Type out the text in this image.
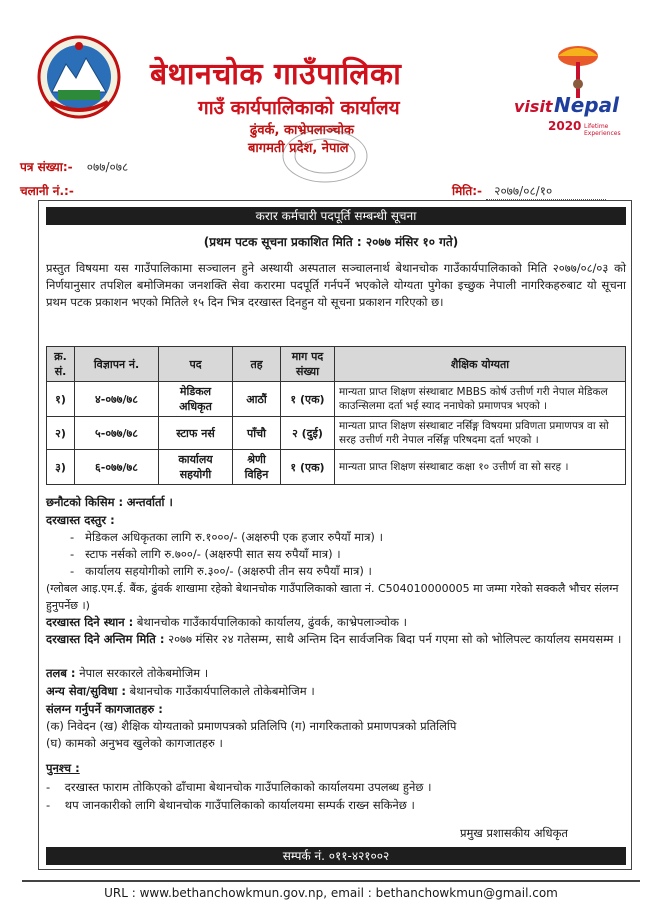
बेथानचोक गाउँपालिका
गाउँ कार्यपालिकाको कार्यालय
ढुंवर्क, काभ्रेपलाञ्चोक
बागमती प्रदेश, नेपाल
visit Nepal
2020 Lifetime
Experiences
पत्र संख्या:- ०७७/०७८
चलानी नं.:-	मिति:- २०७७/०८/१०
करार कर्मचारी पदपूर्ति सम्बन्धी सूचना
(प्रथम पटक सूचना प्रकाशित मिति : २०७७ मंसिर १० गते)
प्रस्तुत विषयमा यस गाउँपालिकामा सञ्चालन हुने अस्थायी अस्पताल सञ्चालनार्थ बेथानचोक गाउँकार्यपालिकाको मिति २०७७/०८/०३ को निर्णयानुसार तपशिल बमोजिमका जनशक्ति सेवा करारमा पदपूर्ति गर्नपर्ने भएकोले योग्यता पुगेका इच्छुक नेपाली नागरिकहरुबाट यो सूचना प्रथम पटक प्रकाशन भएको मितिले १५ दिन भित्र दरखास्त दिनहुन यो सूचना प्रकाशन गरिएको छ।
क्र. सं.	विज्ञापन नं.	पद	तह	माग पद संख्या	शैक्षिक योग्यता
१)	४-०७७/७८	मेडिकल अधिकृत	आठौं	१ (एक)	मान्यता प्राप्त शिक्षण संस्थाबाट MBBS कोर्ष उत्तीर्ण गरी नेपाल मेडिकल काउन्सिलमा दर्ता भई स्याद ननाघेको प्रमाणपत्र भएको ।
२)	५-०७७/७८	स्टाफ नर्स	पाँचौ	२ (दुई)	मान्यता प्राप्त शिक्षण संस्थाबाट नर्सिङ्ग विषयमा प्रविणता प्रमाणपत्र वा सो सरह उत्तीर्ण गरी नेपाल नर्सिङ्ग परिषदमा दर्ता भएको ।
३)	६-०७७/७८	कार्यालय सहयोगी	श्रेणी विहिन	१ (एक)	मान्यता प्राप्त शिक्षण संस्थाबाट कक्षा १० उत्तीर्ण वा सो सरह ।
छनौटको किसिम : अन्तर्वार्ता ।
दरखास्त दस्तुर :
-   मेडिकल अधिकृतका लागि रु.१०००/- (अक्षरुपी एक हजार रुपैयाँ मात्र) ।
-   स्टाफ नर्सको लागि रु.७००/- (अक्षरुपी सात सय रुपैयाँ मात्र) ।
-   कार्यालय सहयोगीको लागि रु.३००/- (अक्षरुपी तीन सय रुपैयाँ मात्र) ।
(ग्लोबल आइ.एम.ई. बैंक, ढुंवर्क शाखामा रहेको बेथानचोक गाउँपालिकाको खाता नं. C504010000005 मा जम्मा गरेको सक्कलै भौचर संलग्न हुनुपर्नेछ ।)
दरखास्त दिने स्थान : बेथानचोक गाउँकार्यपालिकाको कार्यालय, ढुंवर्क, काभ्रेपलाञ्चोक ।
दरखास्त दिने अन्तिम मिति : २०७७ मंसिर २४ गतेसम्म, साथै अन्तिम दिन सार्वजनिक बिदा पर्न गएमा सो को भोलिपल्ट कार्यालय समयसम्म ।
तलब : नेपाल सरकारले तोकेबमोजिम ।
अन्य सेवा/सुविधा : बेथानचोक गाउँकार्यपालिकाले तोकेबमोजिम ।
संलग्न गर्नुपर्ने कागजातहरु :
(क) निवेदन (ख) शैक्षिक योग्यताको प्रमाणपत्रको प्रतिलिपि (ग) नागरिकताको प्रमाणपत्रको प्रतिलिपि
(घ) कामको अनुभव खुलेको कागजातहरु ।
पुनश्च :
-    दरखास्त फाराम तोकिएको ढाँचामा बेथानचोक गाउँपालिकाको कार्यालयमा उपलब्ध हुनेछ ।
-    थप जानकारीको लागि बेथानचोक गाउँपालिकाको कार्यालयमा सम्पर्क राख्न सकिनेछ ।
प्रमुख प्रशासकीय अधिकृत
सम्पर्क नं. ०११-४२१००२
URL : www.bethanchowkmun.gov.np, email : bethanchowkmun@gmail.com
